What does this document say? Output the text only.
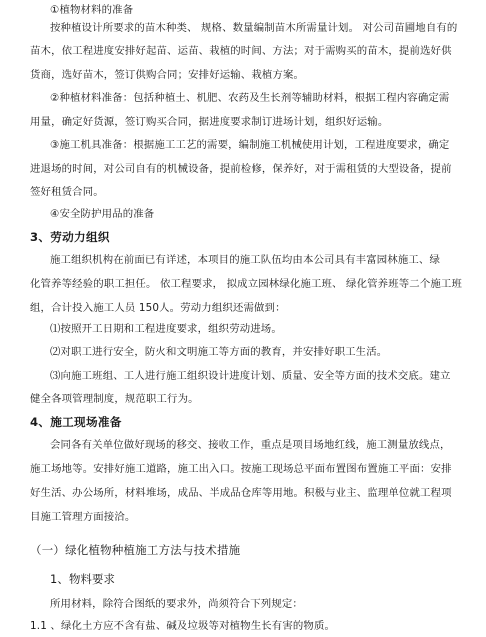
①植物材料的准备
按种植设计所要求的苗木种类、 规格、数量编制苗木所需量计划。 对公司苗圃地自有的
苗木，依工程进度安排好起苗、运苗、栽植的时间、方法；对于需购买的苗木，提前选好供
货商，选好苗木，签订供购合同；安排好运输、栽植方案。
②种植材料准备：包括种植土、机肥、农药及生长剂等辅助材料，根据工程内容确定需
用量，确定好货源，签订购买合同，据进度要求制订进场计划，组织好运输。
③施工机具准备：根据施工工艺的需要，编制施工机械使用计划，工程进度要求，确定
进退场的时间，对公司自有的机械设备，提前检修，保养好，对于需租赁的大型设备，提前
签好租赁合同。
④安全防护用品的准备
3、劳动力组织
施工组织机构在前面已有详述，本项目的施工队伍均由本公司具有丰富园林施工、绿
化管养等经验的职工担任。 依工程要求， 拟成立园林绿化施工班、 绿化管养班等二个施工班
组，合计投入施工人员 150人。劳动力组织还需做到：
⑴按照开工日期和工程进度要求，组织劳动进场。
⑵对职工进行安全，防火和文明施工等方面的教育，并安排好职工生活。
⑶向施工班组、工人进行施工组织设计进度计划、质量、安全等方面的技术交底。建立
健全各项管理制度，规范职工行为。
4、施工现场准备
会同各有关单位做好现场的移交、接收工作，重点是项目场地红线，施工测量放线点，
施工场地等。安排好施工道路，施工出入口。按施工现场总平面布置图布置施工平面：安排
好生活、办公场所，材料堆场，成品、半成品仓库等用地。积极与业主、监理单位就工程项
目施工管理方面接洽。
（一）绿化植物种植施工方法与技术措施
1、物料要求
所用材料，除符合图纸的要求外，尚须符合下列规定：
1.1 、绿化土方应不含有盐、碱及垃圾等对植物生长有害的物质。
